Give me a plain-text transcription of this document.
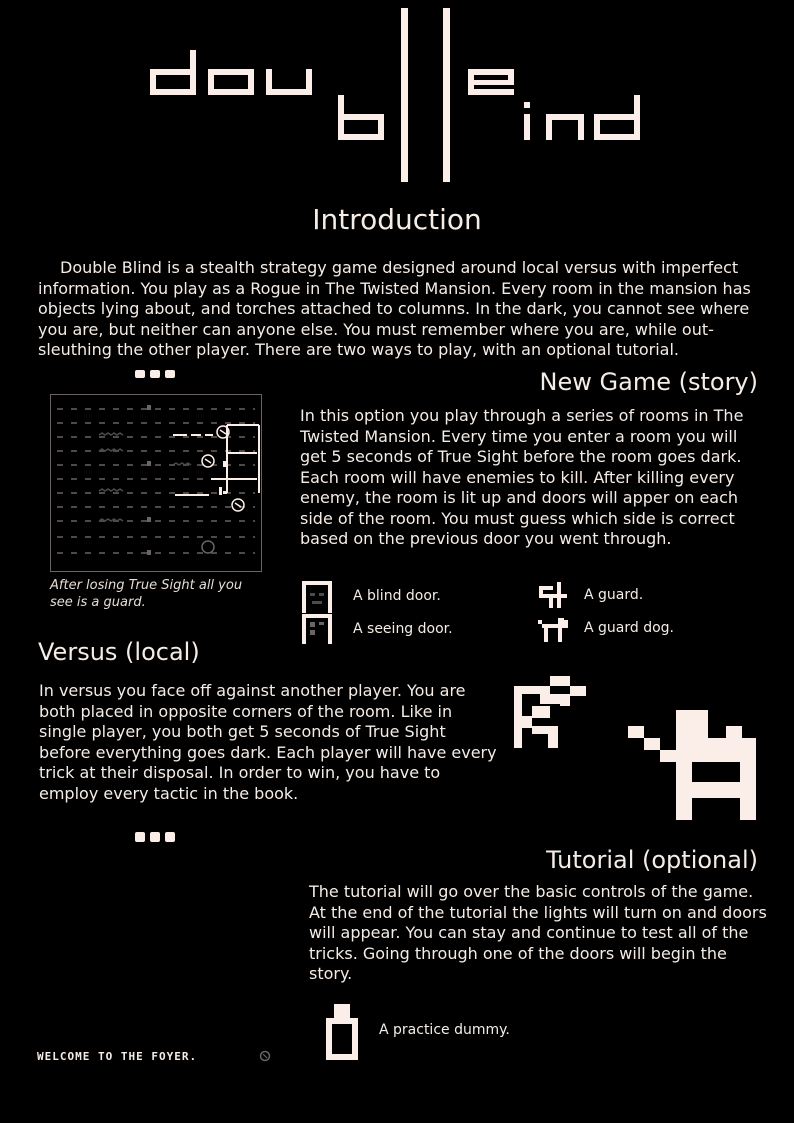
Introduction
Double Blind is a stealth strategy game designed around local versus with imperfect information. You play as a Rogue in The Twisted Mansion. Every room in the mansion has objects lying about, and torches attached to columns. In the dark, you cannot see where you are, but neither can anyone else. You must remember where you are, while out-sleuthing the other player. There are two ways to play, with an optional tutorial.
New Game (story)
After losing True Sight all you see is a guard.
In this option you play through a series of rooms in The Twisted Mansion. Every time you enter a room you will get 5 seconds of True Sight before the room goes dark. Each room will have enemies to kill. After killing every enemy, the room is lit up and doors will apper on each side of the room. You must guess which side is correct based on the previous door you went through.
A blind door.
A seeing door.
A guard.
A guard dog.
Versus (local)
In versus you face off against another player. You are both placed in opposite corners of the room. Like in single player, you both get 5 seconds of True Sight before everything goes dark. Each player will have every trick at their disposal. In order to win, you have to employ every tactic in the book.
Tutorial (optional)
The tutorial will go over the basic controls of the game. At the end of the tutorial the lights will turn on and doors will appear. You can stay and continue to test all of the tricks. Going through one of the doors will begin the story.
A practice dummy.
WELCOME TO THE FOYER.
